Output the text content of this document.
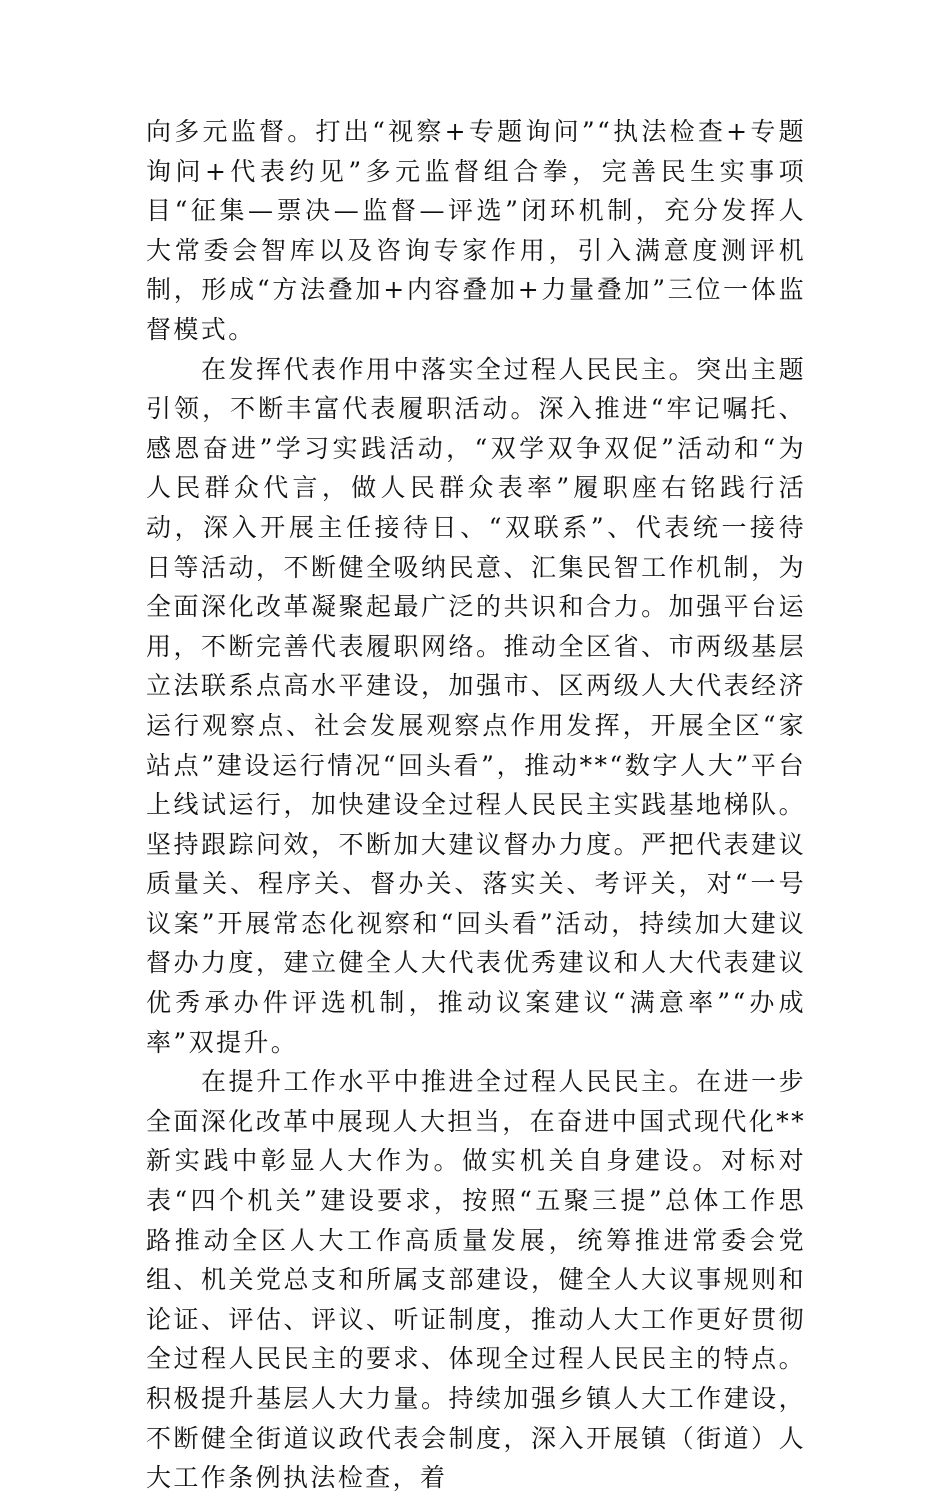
向多元监督。打出“视察+专题询问”“执法检查+专题询问+代表约见”多元监督组合拳，完善民生实事项目“征集—票决—监督—评选”闭环机制，充分发挥人大常委会智库以及咨询专家作用，引入满意度测评机制，形成“方法叠加+内容叠加+力量叠加”三位一体监督模式。

在发挥代表作用中落实全过程人民民主。突出主题引领，不断丰富代表履职活动。深入推进“牢记嘱托、感恩奋进”学习实践活动，“双学双争双促”活动和“为人民群众代言，做人民群众表率”履职座右铭践行活动，深入开展主任接待日、“双联系”、代表统一接待日等活动，不断健全吸纳民意、汇集民智工作机制，为全面深化改革凝聚起最广泛的共识和合力。加强平台运用，不断完善代表履职网络。推动全区省、市两级基层立法联系点高水平建设，加强市、区两级人大代表经济运行观察点、社会发展观察点作用发挥，开展全区“家站点”建设运行情况“回头看”，推动**“数字人大”平台上线试运行，加快建设全过程人民民主实践基地梯队。坚持跟踪问效，不断加大建议督办力度。严把代表建议质量关、程序关、督办关、落实关、考评关，对“一号议案”开展常态化视察和“回头看”活动，持续加大建议督办力度，建立健全人大代表优秀建议和人大代表建议优秀承办件评选机制，推动议案建议“满意率”“办成率”双提升。

在提升工作水平中推进全过程人民民主。在进一步全面深化改革中展现人大担当，在奋进中国式现代化**新实践中彰显人大作为。做实机关自身建设。对标对表“四个机关”建设要求，按照“五聚三提”总体工作思路推动全区人大工作高质量发展，统筹推进常委会党组、机关党总支和所属支部建设，健全人大议事规则和论证、评估、评议、听证制度，推动人大工作更好贯彻全过程人民民主的要求、体现全过程人民民主的特点。积极提升基层人大力量。持续加强乡镇人大工作建设，不断健全街道议政代表会制度，深入开展镇（街道）人大工作条例执法检查，着
